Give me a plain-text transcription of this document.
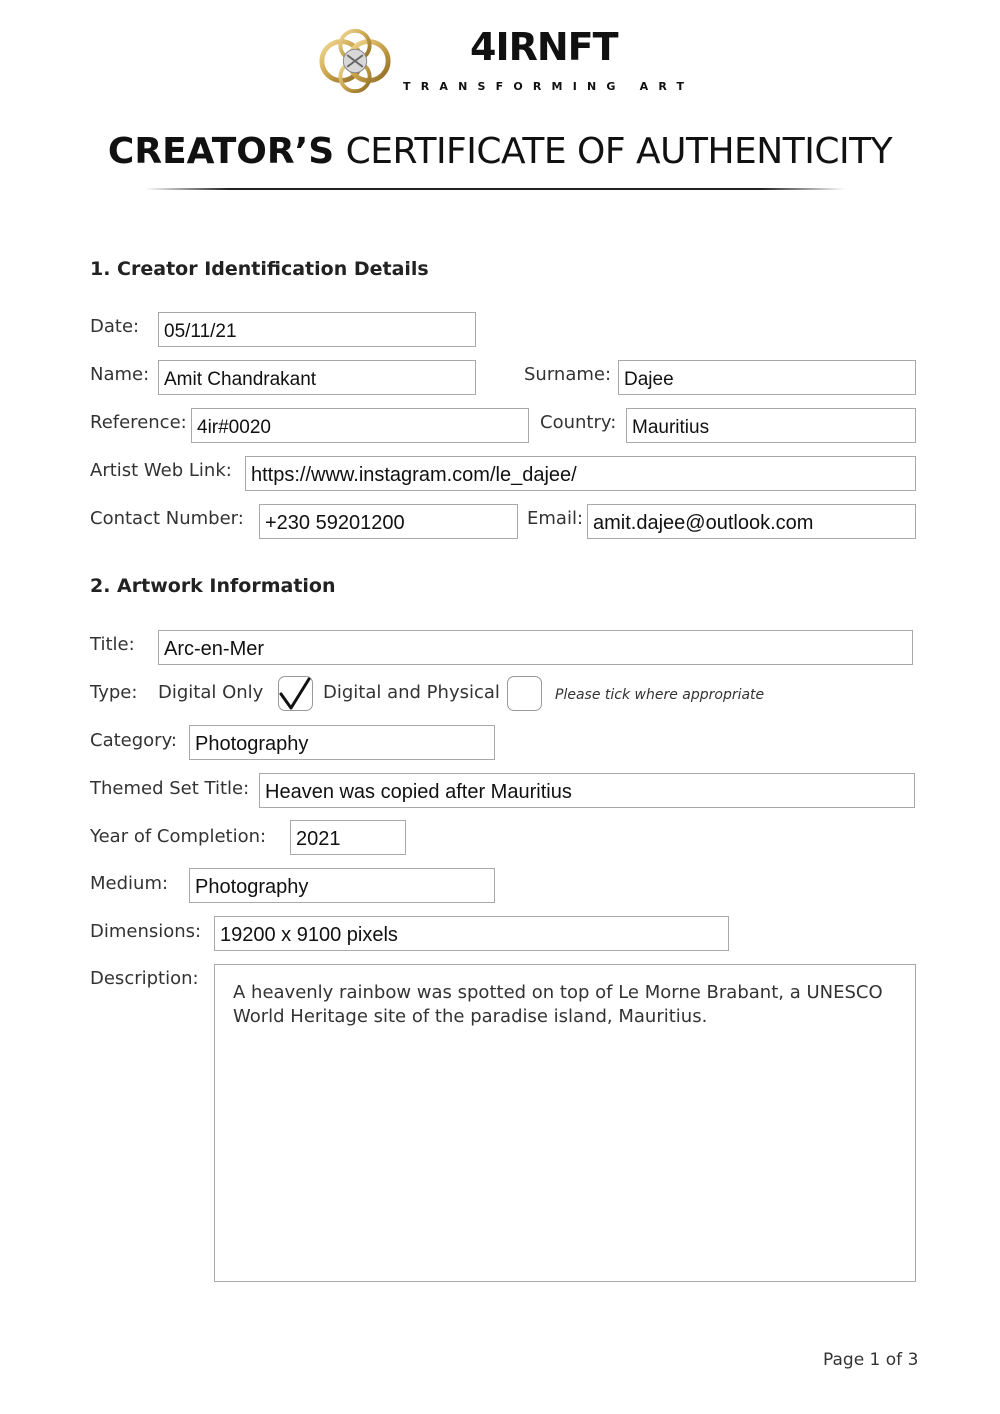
4IRNFT
TRANSFORMING ART
CREATOR’S CERTIFICATE OF AUTHENTICITY
1. Creator Identification Details
Date:	05/11/21
Name: Amit Chandrakant	Surname: Dajee
Reference: 4ir#0020	Country: Mauritius
Artist Web Link: https://www.instagram.com/le_dajee/
Contact Number:	+230 59201200	Email: amit.dajee@outlook.com
2. Artwork Information
Title:	Arc-en-Mer
Type: Digital Only	Digital and Physical	Please tick where appropriate
Category: Photography
Themed Set Title: Heaven was copied after Mauritius
Year of Completion:	2021
Medium:	Photography
Dimensions: 19200 x 9100 pixels
Description:
A heavenly rainbow was spotted on top of Le Morne Brabant, a UNESCO World Heritage site of the paradise island, Mauritius.
Page 1 of 3
